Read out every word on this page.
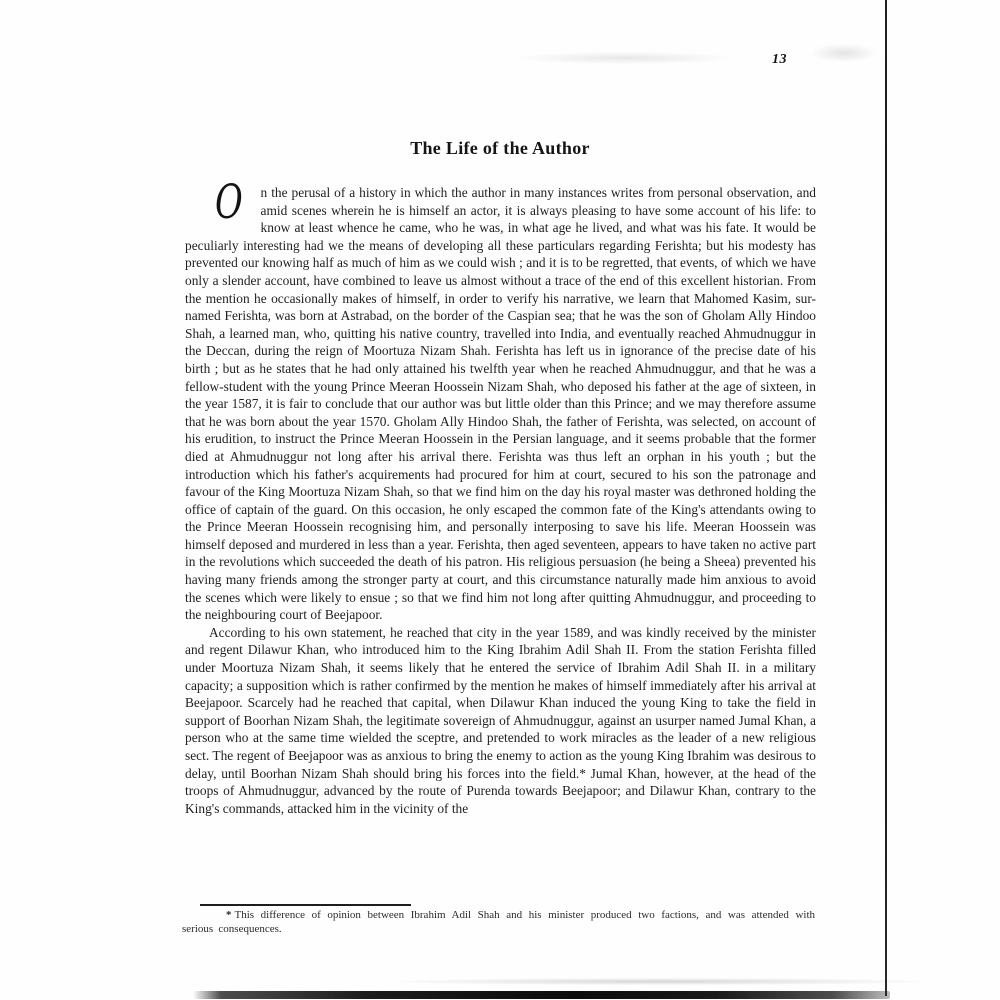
13
The Life of the Author

O n the perusal of a history in which the author in many instances writes from personal observation, and amid scenes wherein he is himself an actor, it is always pleasing to have some account of his life: to know at least whence he came, who he was, in what age he lived, and what was his fate. It would be peculiarly interesting had we the means of developing all these particulars regarding Ferishta; but his modesty has prevented our knowing half as much of him as we could wish ; and it is to be regretted, that events, of which we have only a slender account, have combined to leave us almost without a trace of the end of this excellent historian. From the mention he occasionally makes of himself, in order to verify his narrative, we learn that Mahomed Kasim, sur-named Ferishta, was born at Astrabad, on the border of the Caspian sea; that he was the son of Gholam Ally Hindoo Shah, a learned man, who, quitting his native country, travelled into India, and eventually reached Ahmudnuggur in the Deccan, during the reign of Moortuza Nizam Shah. Ferishta has left us in ignorance of the precise date of his birth ; but as he states that he had only attained his twelfth year when he reached Ahmudnuggur, and that he was a fellow-student with the young Prince Meeran Hoossein Nizam Shah, who deposed his father at the age of sixteen, in the year 1587, it is fair to conclude that our author was but little older than this Prince; and we may therefore assume that he was born about the year 1570. Gholam Ally Hindoo Shah, the father of Ferishta, was selected, on account of his erudition, to instruct the Prince Meeran Hoossein in the Persian language, and it seems probable that the former died at Ahmudnuggur not long after his arrival there. Ferishta was thus left an orphan in his youth ; but the introduction which his father's acquirements had procured for him at court, secured to his son the patronage and favour of the King Moortuza Nizam Shah, so that we find him on the day his royal master was dethroned holding the office of captain of the guard. On this occasion, he only escaped the common fate of the King's attendants owing to the Prince Meeran Hoossein recognising him, and personally interposing to save his life. Meeran Hoossein was himself deposed and murdered in less than a year. Ferishta, then aged seventeen, appears to have taken no active part in the revolutions which succeeded the death of his patron. His religious persuasion (he being a Sheea) prevented his having many friends among the stronger party at court, and this circumstance naturally made him anxious to avoid the scenes which were likely to ensue ; so that we find him not long after quitting Ahmudnuggur, and proceeding to the neighbouring court of Beejapoor.

According to his own statement, he reached that city in the year 1589, and was kindly received by the minister and regent Dilawur Khan, who introduced him to the King Ibrahim Adil Shah II. From the station Ferishta filled under Moortuza Nizam Shah, it seems likely that he entered the service of Ibrahim Adil Shah II. in a military capacity; a supposition which is rather confirmed by the mention he makes of himself immediately after his arrival at Beejapoor. Scarcely had he reached that capital, when Dilawur Khan induced the young King to take the field in support of Boorhan Nizam Shah, the legitimate sovereign of Ahmudnuggur, against an usurper named Jumal Khan, a person who at the same time wielded the sceptre, and pretended to work miracles as the leader of a new religious sect. The regent of Beejapoor was as anxious to bring the enemy to action as the young King Ibrahim was desirous to delay, until Boorhan Nizam Shah should bring his forces into the field.* Jumal Khan, however, at the head of the troops of Ahmudnuggur, advanced by the route of Purenda towards Beejapoor; and Dilawur Khan, contrary to the King's commands, attacked him in the vicinity of the

* This difference of opinion between Ibrahim Adil Shah and his minister produced two factions, and was attended with serious consequences.
